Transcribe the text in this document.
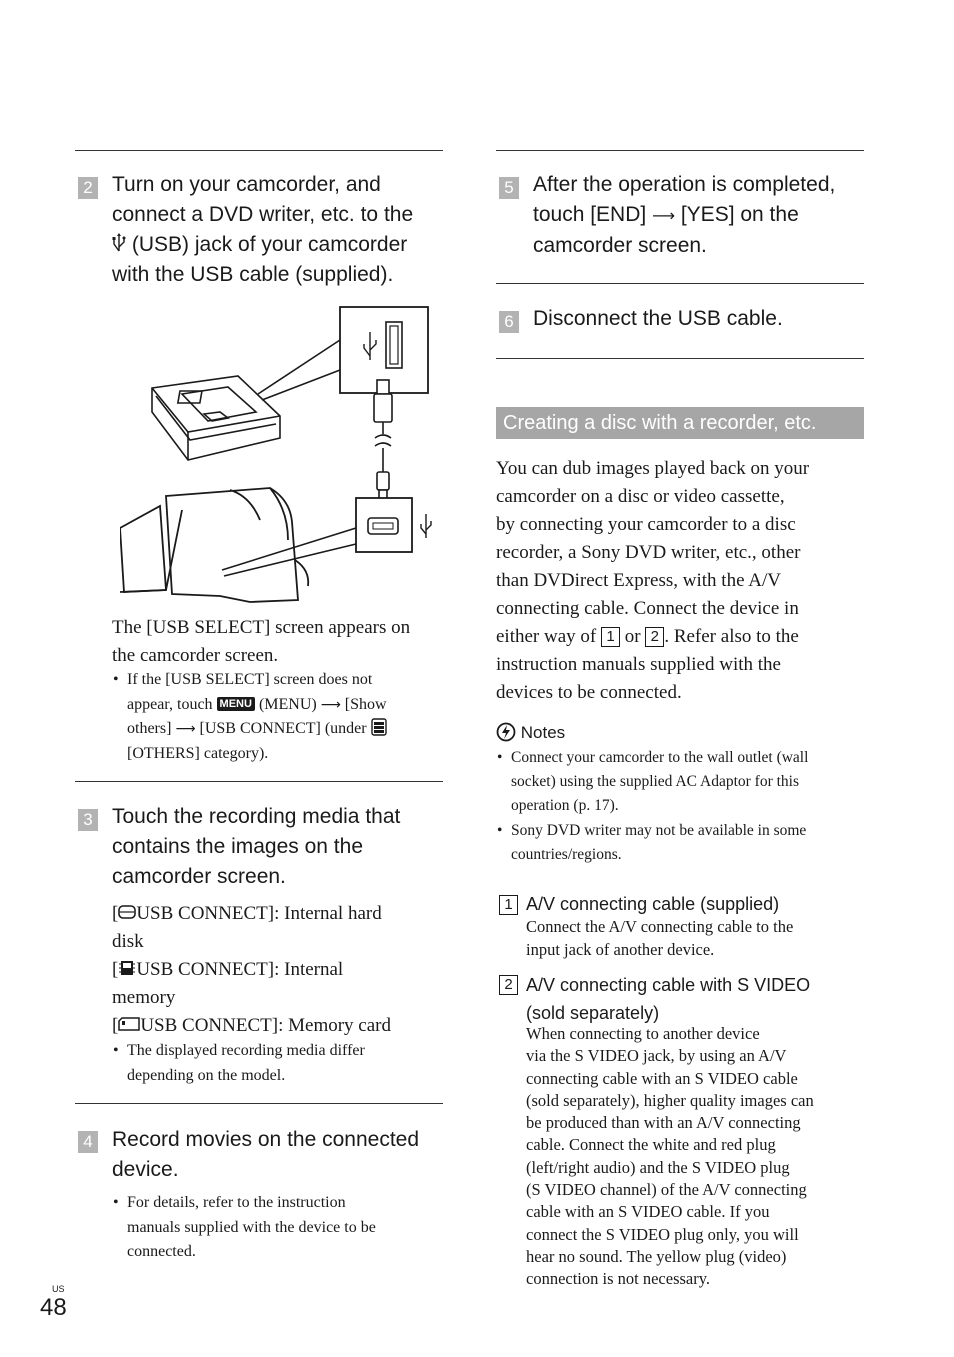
2 Turn on your camcorder, and
connect a DVD writer, etc. to the
(USB) jack of your camcorder
with the USB cable (supplied).
The [USB SELECT] screen appears on
the camcorder screen.
• If the [USB SELECT] screen does not
appear, touch MENU (MENU) ⟶ [Show
others] ⟶ [USB CONNECT] (under
[OTHERS] category).
3 Touch the recording media that
contains the images on the
camcorder screen.
[ USB CONNECT]: Internal hard
disk
[ USB CONNECT]: Internal
memory
[ USB CONNECT]: Memory card
• The displayed recording media differ
depending on the model.
4 Record movies on the connected
device.
• For details, refer to the instruction
manuals supplied with the device to be
connected.
5 After the operation is completed,
touch [END] ⟶ [YES] on the
camcorder screen.
6 Disconnect the USB cable.
Creating a disc with a recorder, etc.
You can dub images played back on your
camcorder on a disc or video cassette,
by connecting your camcorder to a disc
recorder, a Sony DVD writer, etc., other
than DVDirect Express, with the A/V
connecting cable. Connect the device in
either way of 1 or 2 . Refer also to the
instruction manuals supplied with the
devices to be connected.
Notes
• Connect your camcorder to the wall outlet (wall
socket) using the supplied AC Adaptor for this
operation (p. 17).
• Sony DVD writer may not be available in some
countries/regions.
1 A/V connecting cable (supplied)
Connect the A/V connecting cable to the
input jack of another device.
2 A/V connecting cable with S VIDEO
(sold separately)
When connecting to another device
via the S VIDEO jack, by using an A/V
connecting cable with an S VIDEO cable
(sold separately), higher quality images can
be produced than with an A/V connecting
cable. Connect the white and red plug
(left/right audio) and the S VIDEO plug
(S VIDEO channel) of the A/V connecting
cable with an S VIDEO cable. If you
connect the S VIDEO plug only, you will
hear no sound. The yellow plug (video)
connection is not necessary.
US
48
